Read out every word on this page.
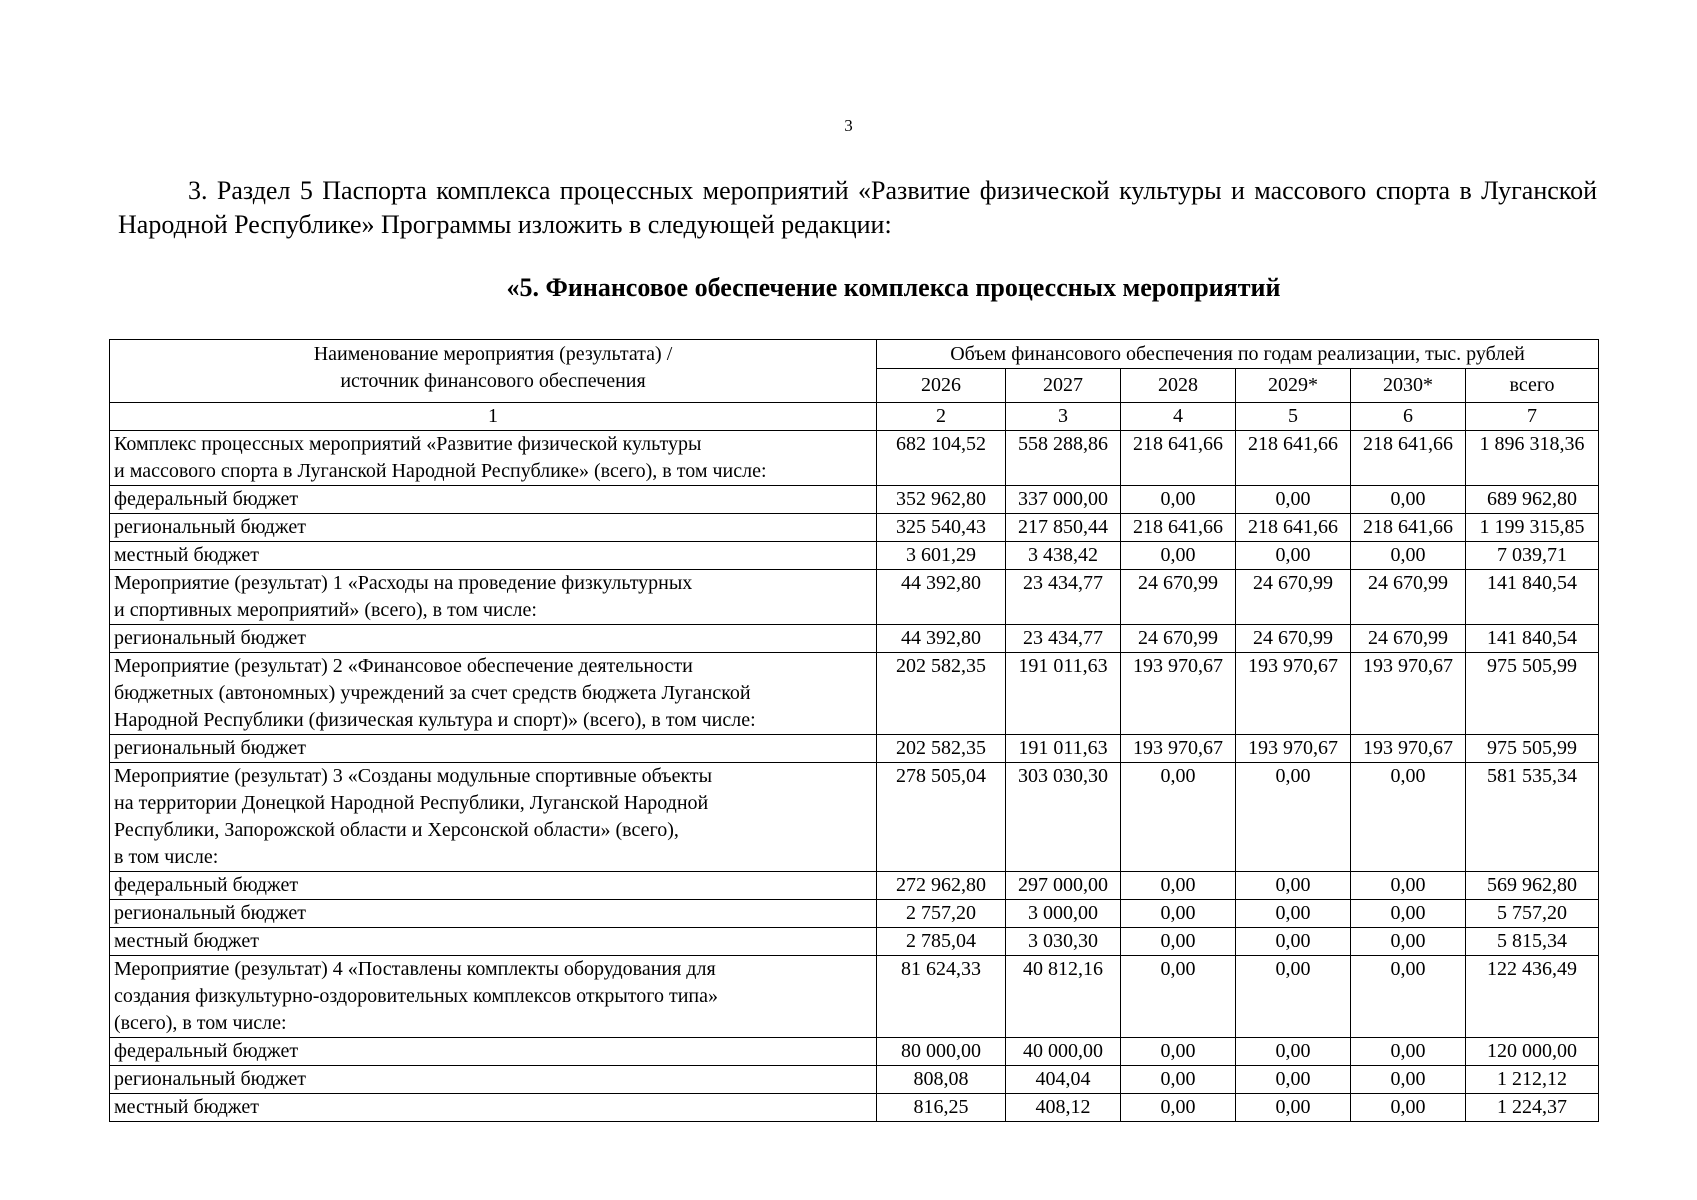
3

3. Раздел 5 Паспорта комплекса процессных мероприятий «Развитие физической культуры и массового спорта в Луганской Народной Республике» Программы изложить в следующей редакции:

«5. Финансовое обеспечение комплекса процессных мероприятий
Наименование мероприятия (результата) /
источник финансового обеспечения	Объем финансового обеспечения по годам реализации, тыс. рублей					
	2026	2027	2028	2029*	2030*	всего
1	2	3	4	5	6	7

Комплекс процессных мероприятий «Развитие физической культуры
и массового спорта в Луганской Народной Республике» (всего), в том числе:	682 104,52	558 288,86	218 641,66	218 641,66	218 641,66	1 896 318,36

федеральный бюджет	352 962,80	337 000,00	0,00	0,00	0,00	689 962,80

региональный бюджет	325 540,43	217 850,44	218 641,66	218 641,66	218 641,66	1 199 315,85

местный бюджет	3 601,29	3 438,42	0,00	0,00	0,00	7 039,71

Мероприятие (результат) 1 «Расходы на проведение физкультурных
и спортивных мероприятий» (всего), в том числе:	44 392,80	23 434,77	24 670,99	24 670,99	24 670,99	141 840,54

региональный бюджет	44 392,80	23 434,77	24 670,99	24 670,99	24 670,99	141 840,54

Мероприятие (результат) 2 «Финансовое обеспечение деятельности
бюджетных (автономных) учреждений за счет средств бюджета Луганской
Народной Республики (физическая культура и спорт)» (всего), в том числе:	202 582,35	191 011,63	193 970,67	193 970,67	193 970,67	975 505,99

региональный бюджет	202 582,35	191 011,63	193 970,67	193 970,67	193 970,67	975 505,99

Мероприятие (результат) 3 «Созданы модульные спортивные объекты
на территории Донецкой Народной Республики, Луганской Народной
Республики, Запорожской области и Херсонской области» (всего),
в том числе:	278 505,04	303 030,30	0,00	0,00	0,00	581 535,34

федеральный бюджет	272 962,80	297 000,00	0,00	0,00	0,00	569 962,80

региональный бюджет	2 757,20	3 000,00	0,00	0,00	0,00	5 757,20

местный бюджет	2 785,04	3 030,30	0,00	0,00	0,00	5 815,34

Мероприятие (результат) 4 «Поставлены комплекты оборудования для
создания физкультурно-оздоровительных комплексов открытого типа»
(всего), в том числе:	81 624,33	40 812,16	0,00	0,00	0,00	122 436,49

федеральный бюджет	80 000,00	40 000,00	0,00	0,00	0,00	120 000,00

региональный бюджет	808,08	404,04	0,00	0,00	0,00	1 212,12

местный бюджет	816,25	408,12	0,00	0,00	0,00	1 224,37
